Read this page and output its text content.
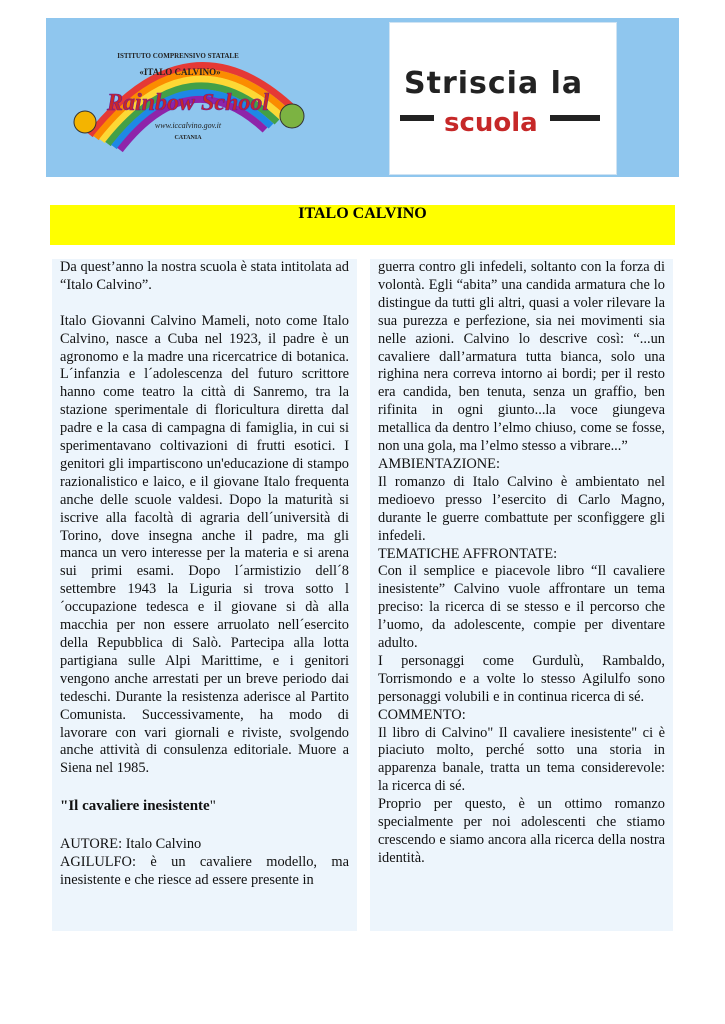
ISTITUTO COMPRENSIVO STATALE
«ITALO CALVINO»
Rainbow School
www.iccalvino.gov.it
CATANIA
Striscia la
scuola
ITALO CALVINO

Da quest’anno la nostra scuola è stata intitolata ad “Italo Calvino”.

Italo Giovanni Calvino Mameli, noto come Italo Calvino, nasce a Cuba nel 1923, il padre è un agronomo e la madre una ricercatrice di botanica. L´infanzia e l´adolescenza del futuro scrittore hanno come teatro la città di Sanremo, tra la stazione sperimentale di floricultura diretta dal padre e la casa di campagna di famiglia, in cui si sperimentavano coltivazioni di frutti esotici. I genitori gli impartiscono un'educazione di stampo razionalistico e laico, e il giovane Italo frequenta anche delle scuole valdesi. Dopo la maturità si iscrive alla facoltà di agraria dell´università di Torino, dove insegna anche il padre, ma gli manca un vero interesse per la materia e si arena sui primi esami. Dopo l´armistizio dell´8 settembre 1943 la Liguria si trova sotto l´occupazione tedesca e il giovane si dà alla macchia per non essere arruolato nell´esercito della Repubblica di Salò. Partecipa alla lotta partigiana sulle Alpi Marittime, e i genitori vengono anche arrestati per un breve periodo dai tedeschi. Durante la resistenza aderisce al Partito Comunista. Successivamente, ha modo di lavorare con vari giornali e riviste, svolgendo anche attività di consulenza editoriale. Muore a Siena nel 1985.

"Il cavaliere inesistente"

AUTORE: Italo Calvino

AGILULFO: è un cavaliere modello, ma inesistente e che riesce ad essere presente in

guerra contro gli infedeli, soltanto con la forza di volontà. Egli “abita” una candida armatura che lo distingue da tutti gli altri, quasi a voler rilevare la sua purezza e perfezione, sia nei movimenti sia nelle azioni. Calvino lo descrive così: “...un cavaliere dall’armatura tutta bianca, solo una righina nera correva intorno ai bordi; per il resto era candida, ben tenuta, senza un graffio, ben rifinita in ogni giunto...la voce giungeva metallica da dentro l’elmo chiuso, come se fosse, non una gola, ma l’elmo stesso a vibrare...”

AMBIENTAZIONE:

Il romanzo di Italo Calvino è ambientato nel medioevo presso l’esercito di Carlo Magno, durante le guerre combattute per sconfiggere gli infedeli.

TEMATICHE AFFRONTATE:

Con il semplice e piacevole libro “Il cavaliere inesistente” Calvino vuole affrontare un tema preciso: la ricerca di se stesso e il percorso che l’uomo, da adolescente, compie per diventare adulto.

I personaggi come Gurdulù, Rambaldo, Torrismondo e a volte lo stesso Agilulfo sono personaggi volubili e in continua ricerca di sé.

COMMENTO:

Il libro di Calvino" Il cavaliere inesistente" ci è piaciuto molto, perché sotto una storia in apparenza banale, tratta un tema considerevole: la ricerca di sé.

Proprio per questo, è un ottimo romanzo specialmente per noi adolescenti che stiamo crescendo e siamo ancora alla ricerca della nostra identità.
